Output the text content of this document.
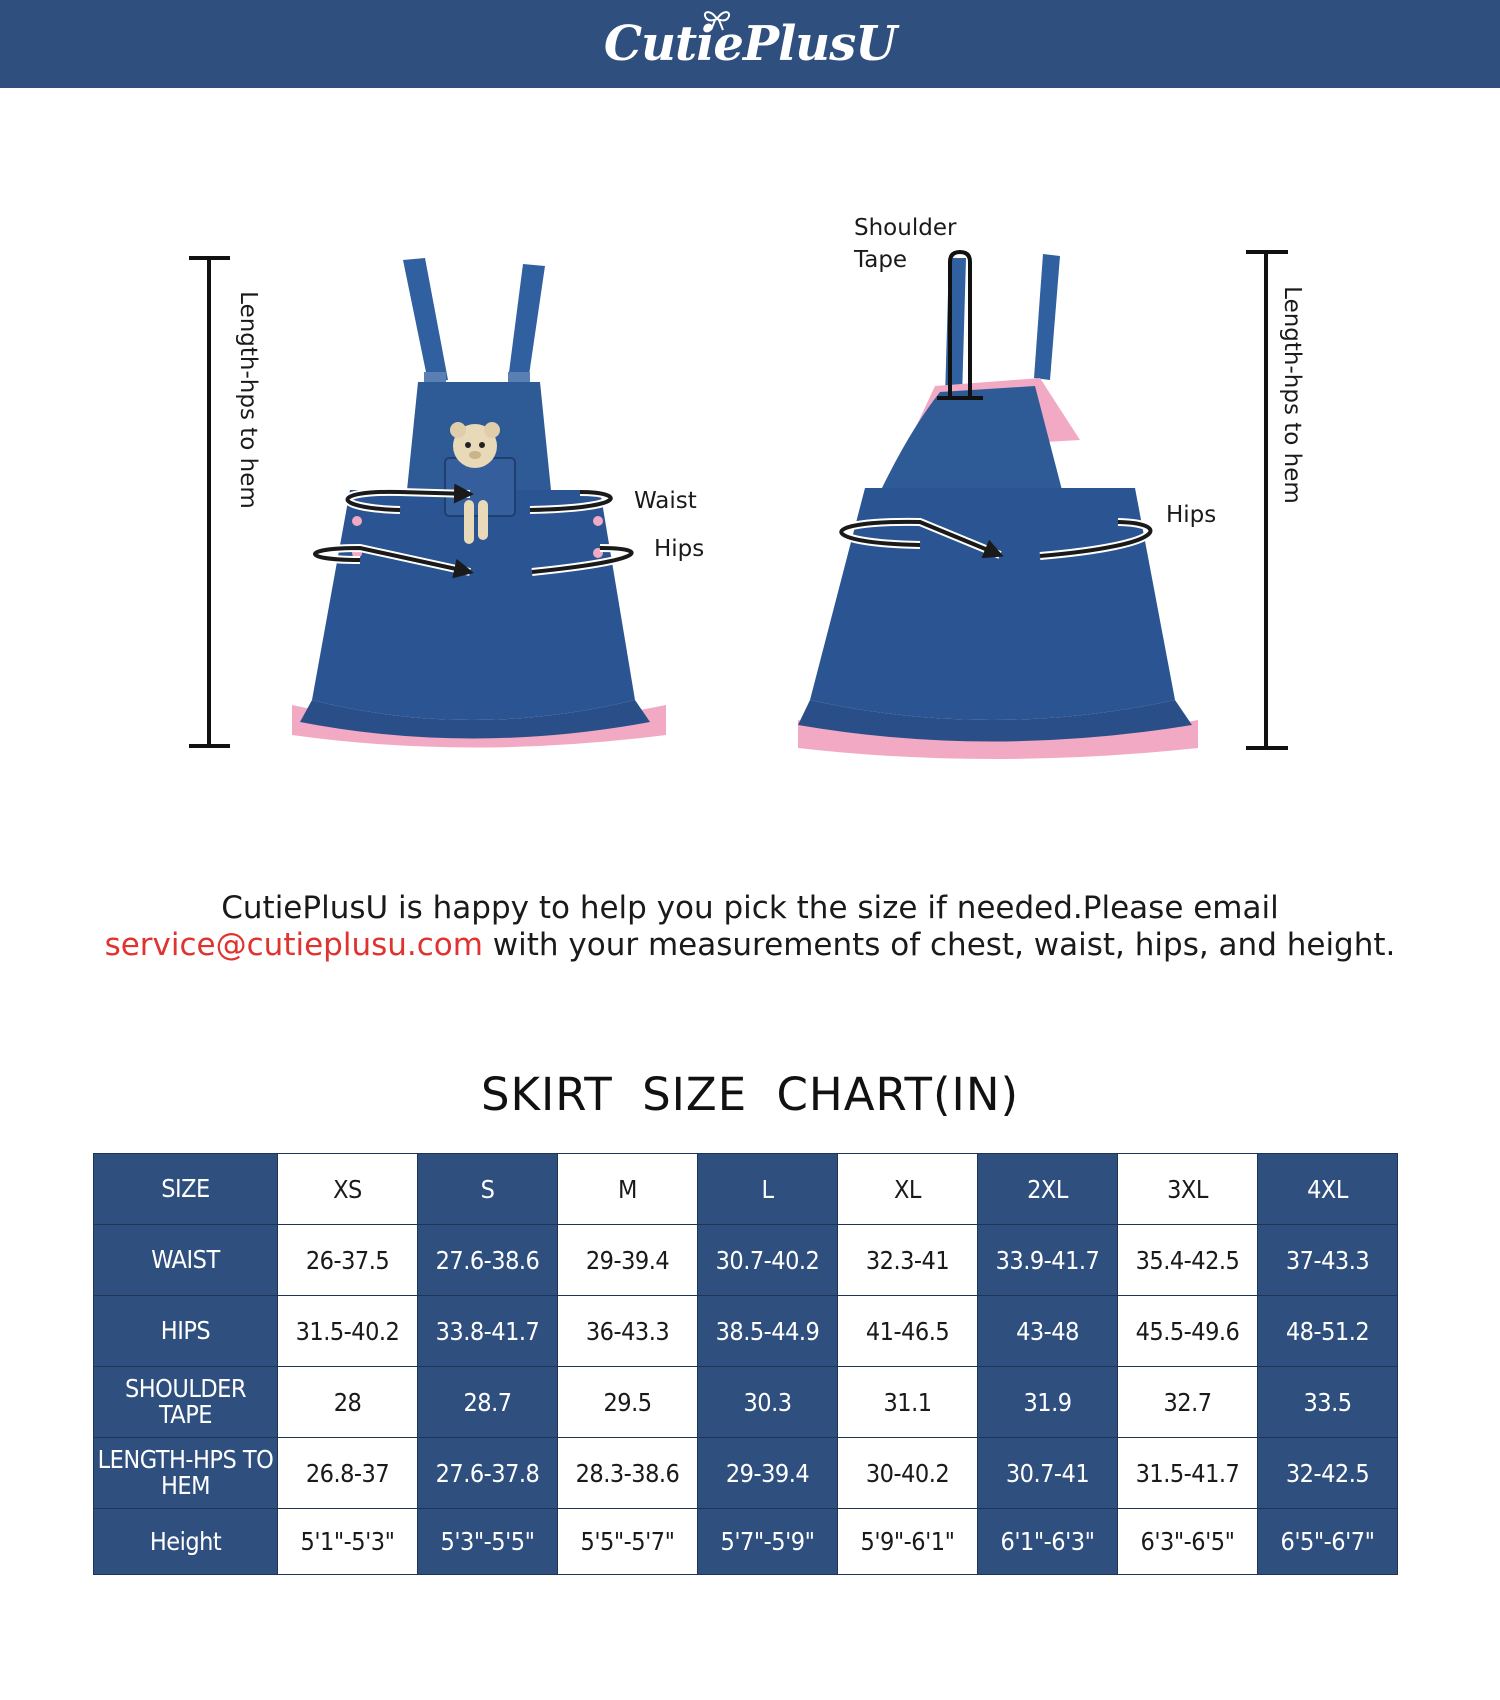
CutiePlusU
Length-hps to hem	Waist
Hips
Shoulder Tape
Hips
Length-hps to hem
CutiePlusU is happy to help you pick the size if needed.Please email
service@cutieplusu.com with your measurements of chest, waist, hips, and height.
SKIRT SIZE CHART(IN)
SIZE	XS	S	M	L	XL	2XL	3XL	4XL
WAIST	26-37.5	27.6-38.6	29-39.4	30.7-40.2	32.3-41	33.9-41.7	35.4-42.5	37-43.3
HIPS	31.5-40.2	33.8-41.7	36-43.3	38.5-44.9	41-46.5	43-48	45.5-49.6	48-51.2
SHOULDER TAPE	28	28.7	29.5	30.3	31.1	31.9	32.7	33.5
LENGTH-HPS TO HEM	26.8-37	27.6-37.8	28.3-38.6	29-39.4	30-40.2	30.7-41	31.5-41.7	32-42.5
Height	5'1"-5'3"	5'3"-5'5"	5'5"-5'7"	5'7"-5'9"	5'9"-6'1"	6'1"-6'3"	6'3"-6'5"	6'5"-6'7"
